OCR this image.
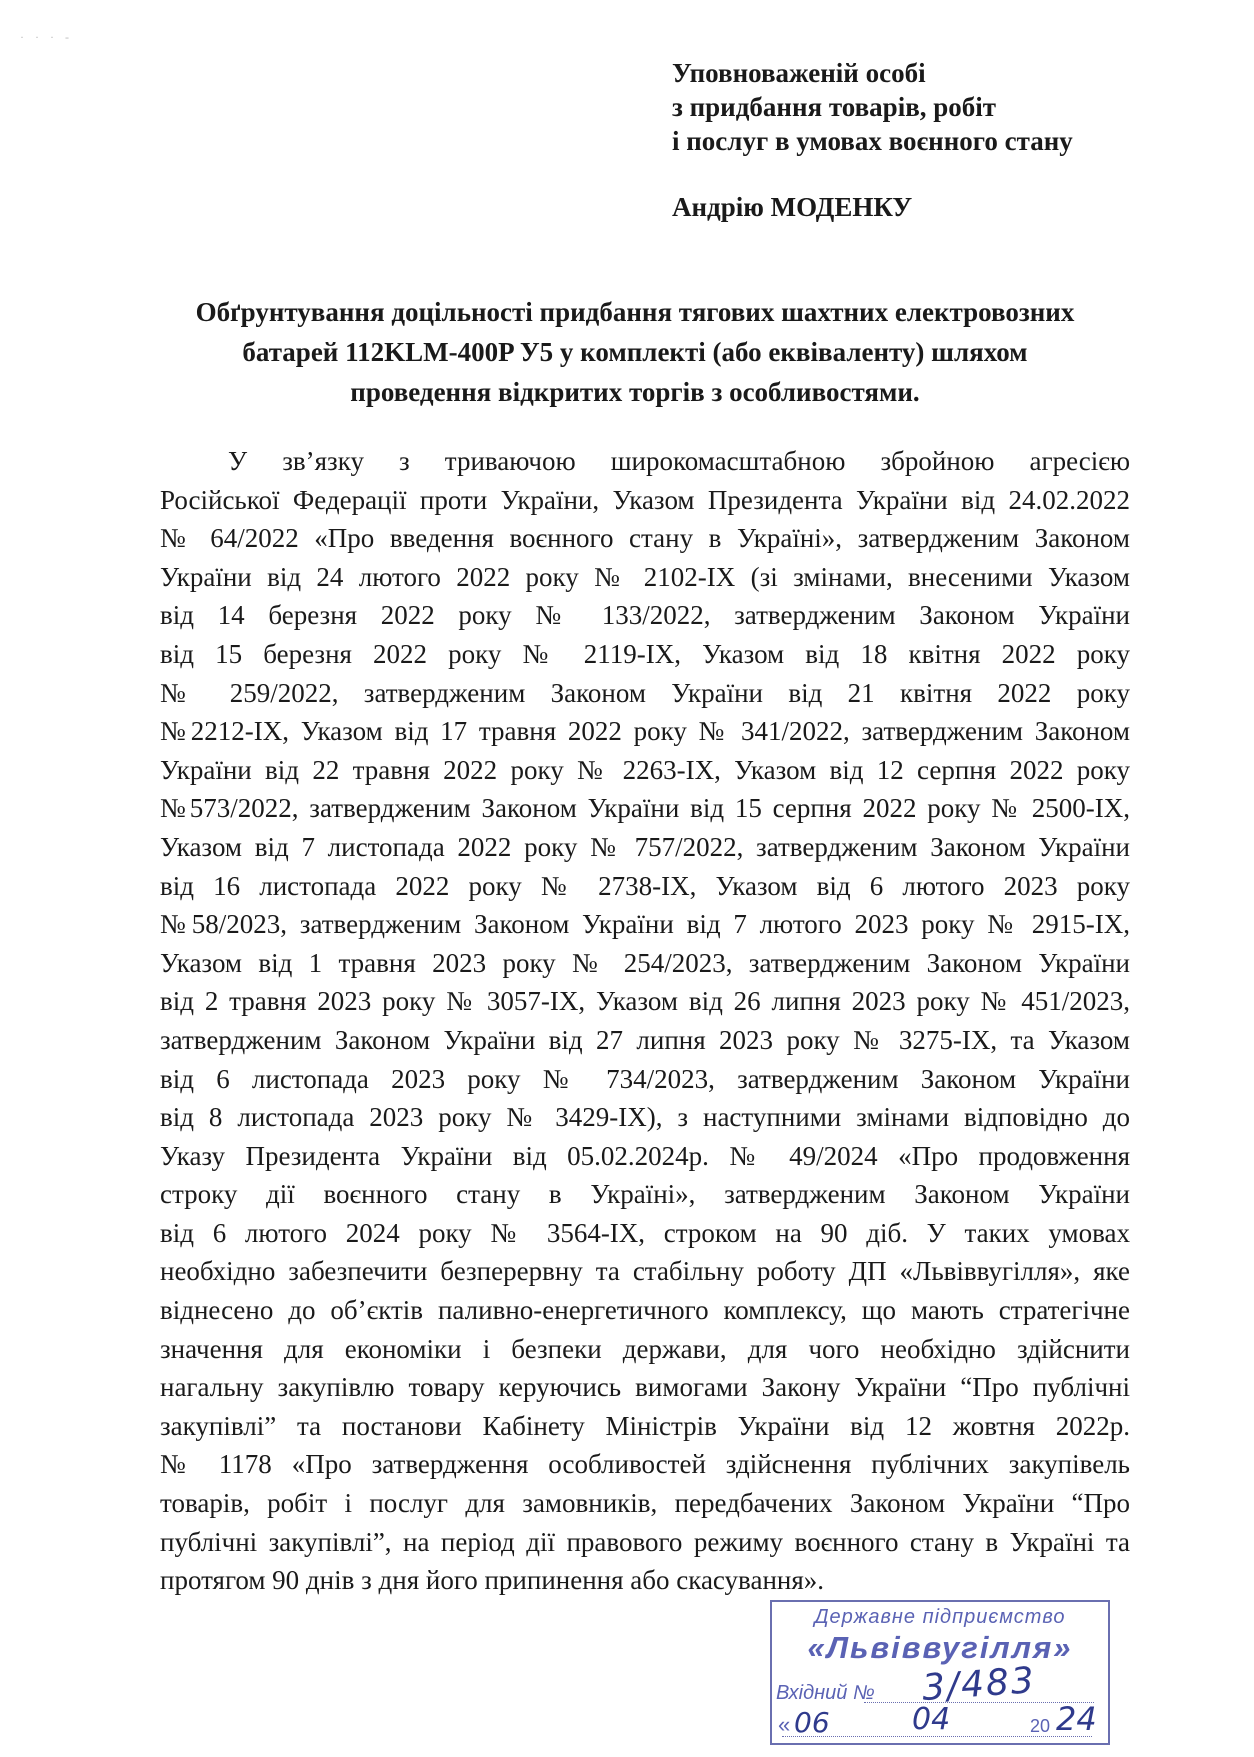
· · · -
Уповноваженій особі
з придбання товарів, робіт
і послуг в умовах воєнного стану
Андрію МОДЕНКУ
Обґрунтування доцільності придбання тягових шахтних електровозних
батарей 112KLM-400P У5 у комплекті (або еквіваленту) шляхом
проведення відкритих торгів з особливостями.
У зв’язку з триваючою широкомасштабною збройною агресією
Російської Федерації проти України, Указом Президента України від 24.02.2022
№ 64/2022 «Про введення воєнного стану в Україні», затвердженим Законом
України від 24 лютого 2022 року № 2102-IX (зі змінами, внесеними Указом
від 14 березня 2022 року № 133/2022, затвердженим Законом України
від 15 березня 2022 року № 2119-IX, Указом від 18 квітня 2022 року
№ 259/2022, затвердженим Законом України від 21 квітня 2022 року
№2212-IX, Указом від 17 травня 2022 року № 341/2022, затвердженим Законом
України від 22 травня 2022 року № 2263-IX, Указом від 12 серпня 2022 року
№573/2022, затвердженим Законом України від 15 серпня 2022 року № 2500-IX,
Указом від 7 листопада 2022 року № 757/2022, затвердженим Законом України
від 16 листопада 2022 року № 2738-IX, Указом від 6 лютого 2023 року
№58/2023, затвердженим Законом України від 7 лютого 2023 року № 2915-IX,
Указом від 1 травня 2023 року № 254/2023, затвердженим Законом України
від 2 травня 2023 року № 3057-IX, Указом від 26 липня 2023 року № 451/2023,
затвердженим Законом України від 27 липня 2023 року № 3275-IX, та Указом
від 6 листопада 2023 року № 734/2023, затвердженим Законом України
від 8 листопада 2023 року № 3429-IX), з наступними змінами відповідно до
Указу Президента України від 05.02.2024р. № 49/2024 «Про продовження
строку дії воєнного стану в Україні», затвердженим Законом України
від 6 лютого 2024 року № 3564-IX, строком на 90 діб. У таких умовах
необхідно забезпечити безперервну та стабільну роботу ДП «Львіввугілля», яке
віднесено до об’єктів паливно-енергетичного комплексу, що мають стратегічне
значення для економіки і безпеки держави, для чого необхідно здійснити
нагальну закупівлю товару керуючись вимогами Закону України “Про публічні
закупівлі” та постанови Кабінету Міністрів України від 12 жовтня 2022р.
№ 1178 «Про затвердження особливостей здійснення публічних закупівель
товарів, робіт і послуг для замовників, передбачених Законом України “Про
публічні закупівлі”, на період дії правового режиму воєнного стану в Україні та
протягом 90 днів з дня його припинення або скасування».
Державне підприємство
«Львіввугілля»
Вхідний № 3/483
« 06	04	20 24
